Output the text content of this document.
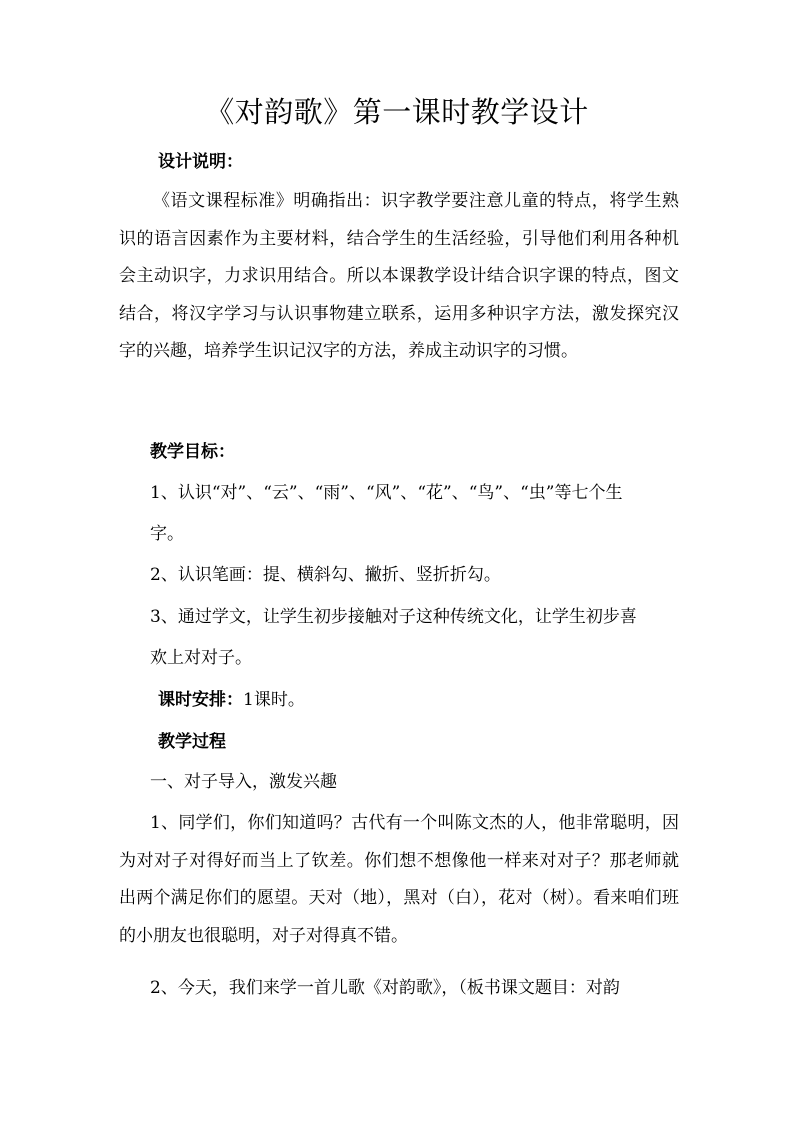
《对韵歌》第一课时教学设计
设计说明：
《语文课程标准》明确指出：识字教学要注意儿童的特点，将学生熟识的语言因素作为主要材料，结合学生的生活经验，引导他们利用各种机会主动识字，力求识用结合。所以本课教学设计结合识字课的特点，图文结合，将汉字学习与认识事物建立联系，运用多种识字方法，激发探究汉字的兴趣，培养学生识记汉字的方法，养成主动识字的习惯。
教学目标：
1、认识“对”、“云”、“雨”、“风”、“花”、“鸟”、“虫”等七个生
字。
2、认识笔画：提、横斜勾、撇折、竖折折勾。
3、通过学文，让学生初步接触对子这种传统文化，让学生初步喜
欢上对对子。
课时安排：1课时。
教学过程
一、对子导入，激发兴趣
1、同学们，你们知道吗？古代有一个叫陈文杰的人，他非常聪明，因为对对子对得好而当上了钦差。你们想不想像他一样来对对子？那老师就出两个满足你们的愿望。天对（地），黑对（白），花对（树）。看来咱们班的小朋友也很聪明，对子对得真不错。
2、今天，我们来学一首儿歌《对韵歌》，（板书课文题目：对韵
